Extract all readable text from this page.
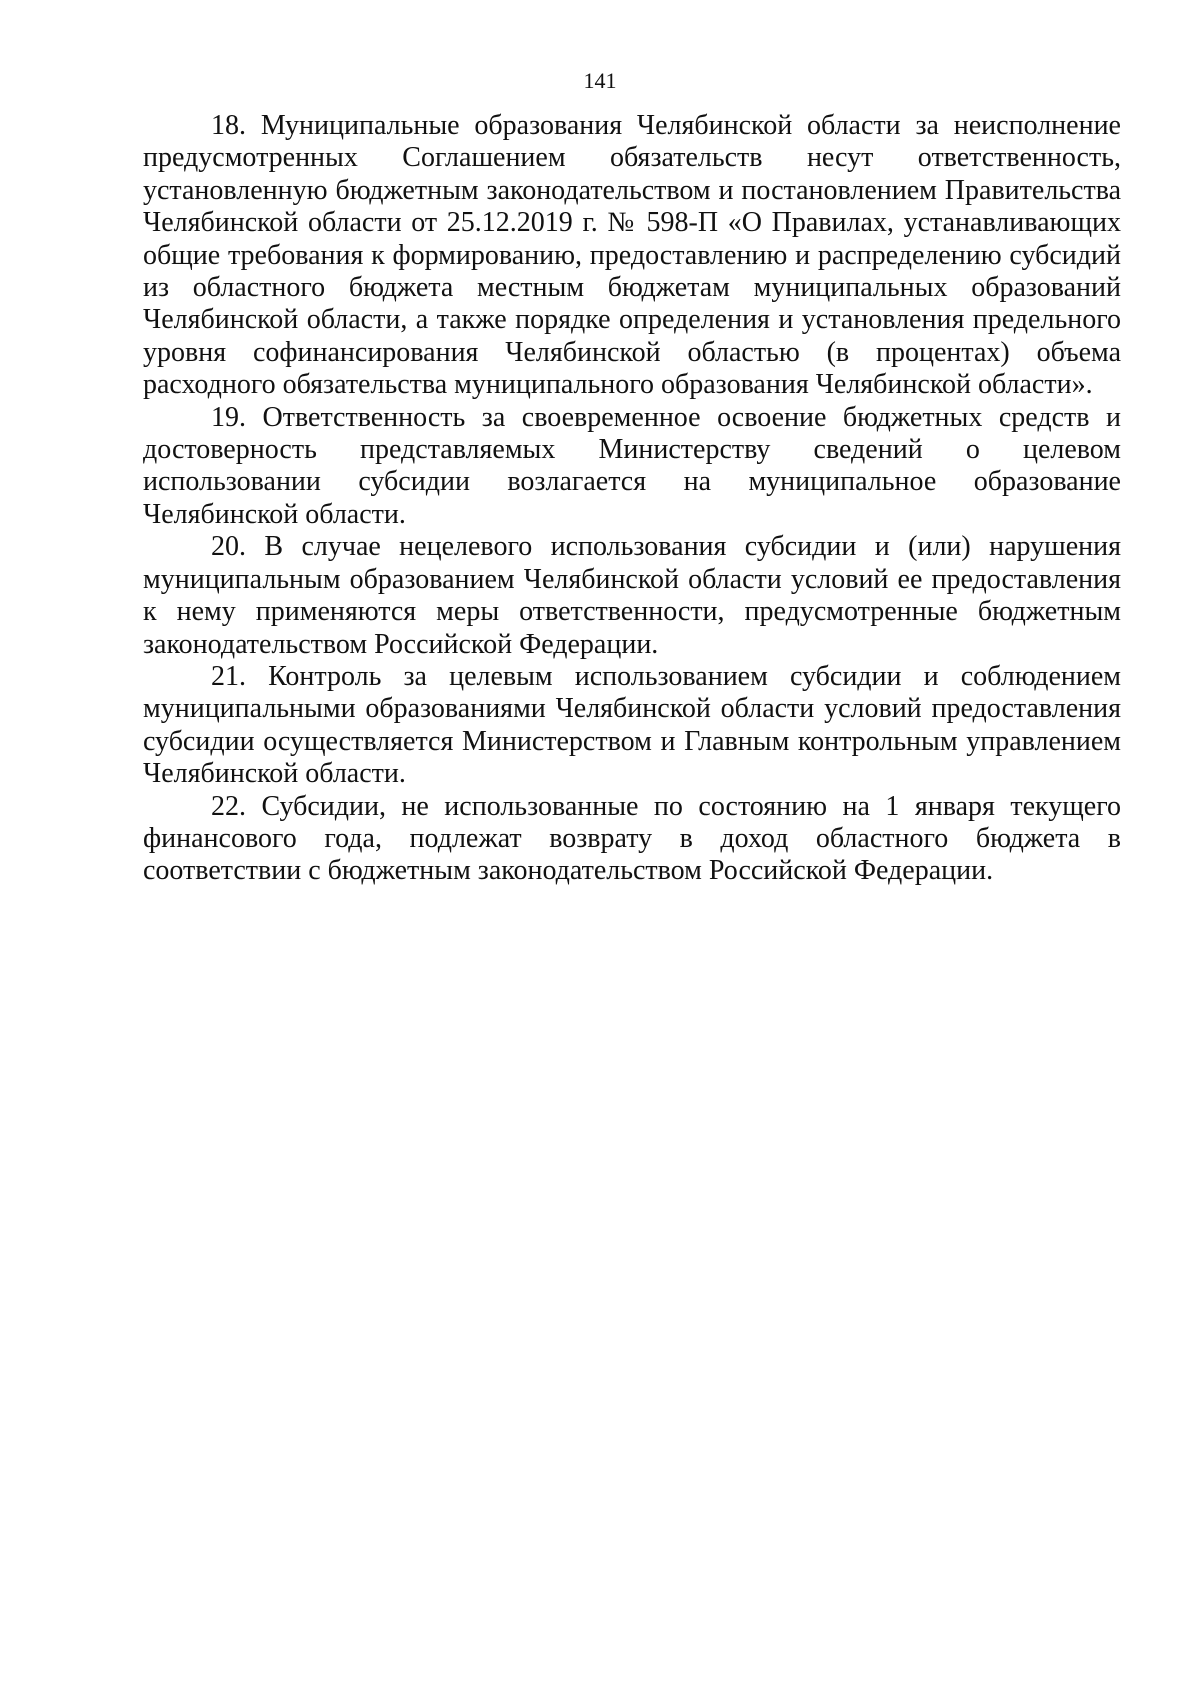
141

18. Муниципальные образования Челябинской области за неисполнение предусмотренных Соглашением обязательств несут ответственность, установленную бюджетным законодательством и постановлением Правительства Челябинской области от 25.12.2019 г. № 598-П «О Правилах, устанавливающих общие требования к формированию, предоставлению и распределению субсидий из областного бюджета местным бюджетам муниципальных образований Челябинской области, а также порядке определения и установления предельного уровня софинансирования Челябинской областью (в процентах) объема расходного обязательства муниципального образования Челябинской области».

19. Ответственность за своевременное освоение бюджетных средств и достоверность представляемых Министерству сведений о целевом использовании субсидии возлагается на муниципальное образование Челябинской области.

20. В случае нецелевого использования субсидии и (или) нарушения муниципальным образованием Челябинской области условий ее предоставления к нему применяются меры ответственности, предусмотренные бюджетным законодательством Российской Федерации.

21. Контроль за целевым использованием субсидии и соблюдением муниципальными образованиями Челябинской области условий предоставления субсидии осуществляется Министерством и Главным контрольным управлением Челябинской области.

22. Субсидии, не использованные по состоянию на 1 января текущего финансового года, подлежат возврату в доход областного бюджета в соответствии с бюджетным законодательством Российской Федерации.
